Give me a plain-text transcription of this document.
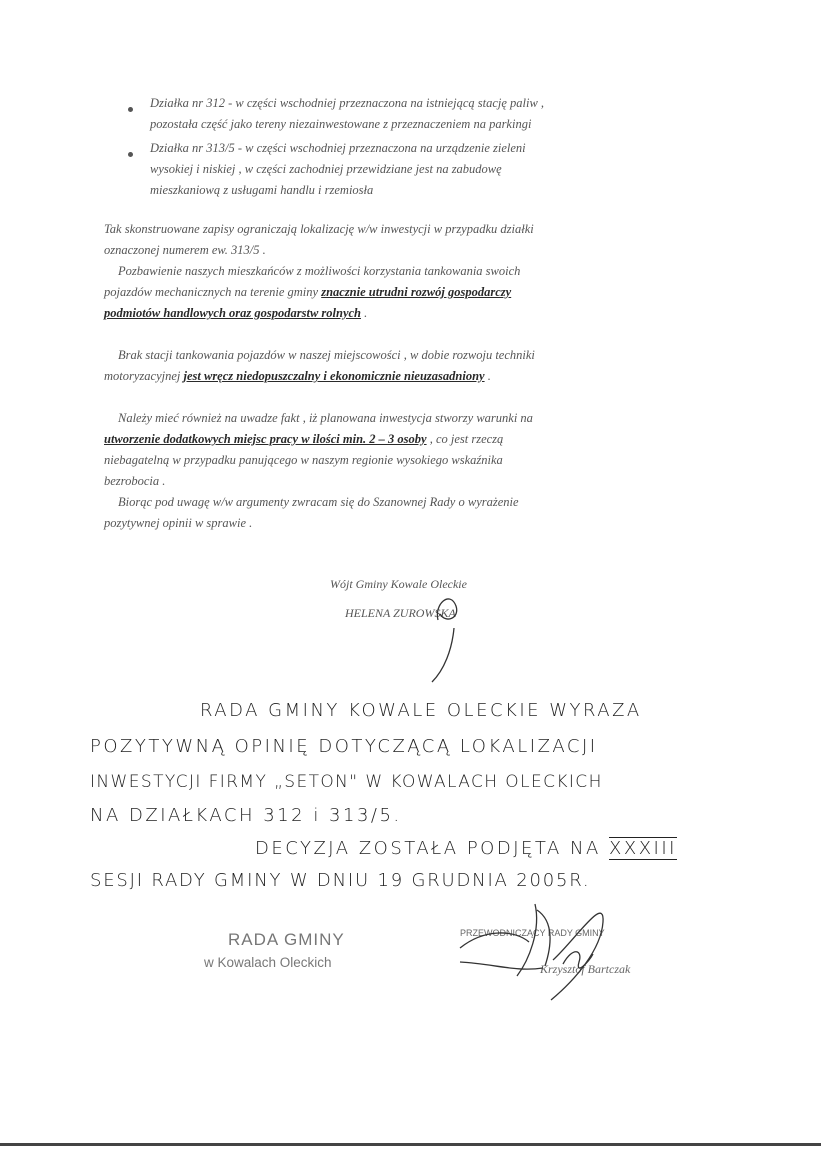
Działka nr 312 - w części wschodniej przeznaczona na istniejącą stację paliw ,
pozostała część jako tereny niezainwestowane z przeznaczeniem na parkingi
Działka nr 313/5 - w części wschodniej przeznaczona na urządzenie zieleni
wysokiej i niskiej , w części zachodniej przewidziane jest na zabudowę
mieszkaniową z usługami handlu i rzemiosła
Tak skonstruowane zapisy ograniczają lokalizację w/w inwestycji w przypadku działki
oznaczonej numerem ew. 313/5 .
Pozbawienie naszych mieszkańców z możliwości korzystania tankowania swoich
pojazdów mechanicznych na terenie gminy znacznie utrudni rozwój gospodarczy
podmiotów handlowych oraz gospodarstw rolnych .
Brak stacji tankowania pojazdów w naszej miejscowości , w dobie rozwoju techniki
motoryzacyjnej jest wręcz niedopuszczalny i ekonomicznie nieuzasadniony .
Należy mieć również na uwadze fakt , iż planowana inwestycja stworzy warunki na
utworzenie dodatkowych miejsc pracy w ilości min. 2 – 3 osoby , co jest rzeczą
niebagatelną w przypadku panującego w naszym regionie wysokiego wskaźnika
bezrobocia .
Biorąc pod uwagę w/w argumenty zwracam się do Szanownej Rady o wyrażenie
pozytywnej opinii w sprawie .
Wójt Gminy Kowale Oleckie
HELENA ZUROWSKA
RADA GMINY KOWALE OLECKIE WYRAZA
POZYTYWNĄ OPINIĘ DOTYCZĄCĄ LOKALIZACJI
INWESTYCJI FIRMY „SETON" W KOWALACH OLECKICH
NA DZIAŁKACH 312 i 313/5.
DECYZJA ZOSTAŁA PODJĘTA NA XXXIII
SESJI RADY GMINY W DNIU 19 GRUDNIA 2005R.
RADA GMINY
w Kowalach Oleckich
PRZEWODNICZĄCY RADY GMINY
Krzysztof Bartczak
